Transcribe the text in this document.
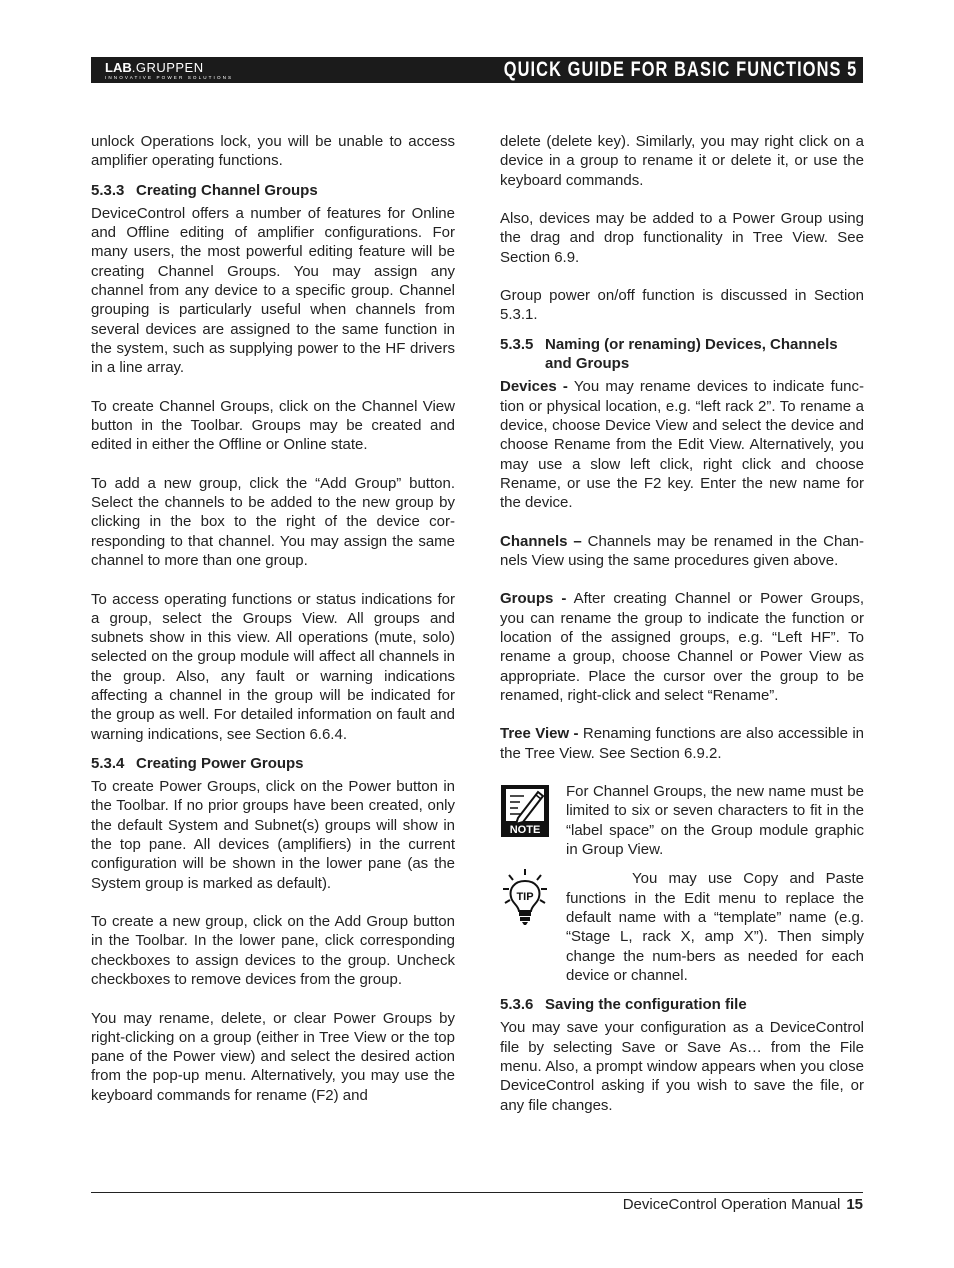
LAB.GRUPPEN
INNOVATIVE POWER SOLUTIONS	QUICK GUIDE FOR BASIC FUNCTIONS 5

unlock Operations lock, you will be unable to access amplifier operating functions.

5.3.3 Creating Channel Groups

DeviceControl offers a number of features for Online and Offline editing of amplifier configurations. For many users, the most powerful editing feature will be creating Channel Groups. You may assign any channel from any device to a specific group. Channel grouping is particularly useful when channels from several devices are assigned to the same function in the system, such as supplying power to the HF drivers in a line array.

To create Channel Groups, click on the Channel View button in the Toolbar. Groups may be created and edited in either the Offline or Online state.

To add a new group, click the “Add Group” button. Select the channels to be added to the new group by clicking in the box to the right of the device cor-responding to that channel. You may assign the same channel to more than one group.

To access operating functions or status indications for a group, select the Groups View. All groups and subnets show in this view. All operations (mute, solo) selected on the group module will affect all channels in the group. Also, any fault or warning indications affecting a channel in the group will be indicated for the group as well. For detailed information on fault and warning indications, see Section 6.6.4.

5.3.4 Creating Power Groups

To create Power Groups, click on the Power button in the Toolbar. If no prior groups have been created, only the default System and Subnet(s) groups will show in the top pane. All devices (amplifiers) in the current configuration will be shown in the lower pane (as the System group is marked as default).

To create a new group, click on the Add Group button in the Toolbar. In the lower pane, click corresponding checkboxes to assign devices to the group. Uncheck checkboxes to remove devices from the group.

You may rename, delete, or clear Power Groups by right-clicking on a group (either in Tree View or the top pane of the Power view) and select the desired action from the pop-up menu. Alternatively, you may use the keyboard commands for rename (F2) and

delete (delete key). Similarly, you may right click on a device in a group to rename it or delete it, or use the keyboard commands.

Also, devices may be added to a Power Group using the drag and drop functionality in Tree View. See Section 6.9.

Group power on/off function is discussed in Section 5.3.1.

5.3.5 Naming (or renaming) Devices, Channels and Groups

Devices - You may rename devices to indicate func-tion or physical location, e.g. “left rack 2”. To rename a device, choose Device View and select the device and choose Rename from the Edit View. Alternatively, you may use a slow left click, right click and choose Rename, or use the F2 key. Enter the new name for the device.

Channels – Channels may be renamed in the Chan-nels View using the same procedures given above.

Groups - After creating Channel or Power Groups, you can rename the group to indicate the function or location of the assigned groups, e.g. “Left HF”. To rename a group, choose Channel or Power View as appropriate. Place the cursor over the group to be renamed, right-click and select “Rename”.

Tree View - Renaming functions are also accessible in the Tree View. See Section 6.9.2.

NOTE

For Channel Groups, the new name must be limited to six or seven characters to fit in the “label space” on the Group module graphic in Group View.

TIP

You may use Copy and Paste functions in the Edit menu to replace the default name with a “template” name (e.g. “Stage L, rack X, amp X”). Then simply change the num-bers as needed for each device or channel.

5.3.6 Saving the configuration file

You may save your configuration as a DeviceControl file by selecting Save or Save As… from the File menu. Also, a prompt window appears when you close DeviceControl asking if you wish to save the file, or any file changes.

DeviceControl Operation Manual 15
